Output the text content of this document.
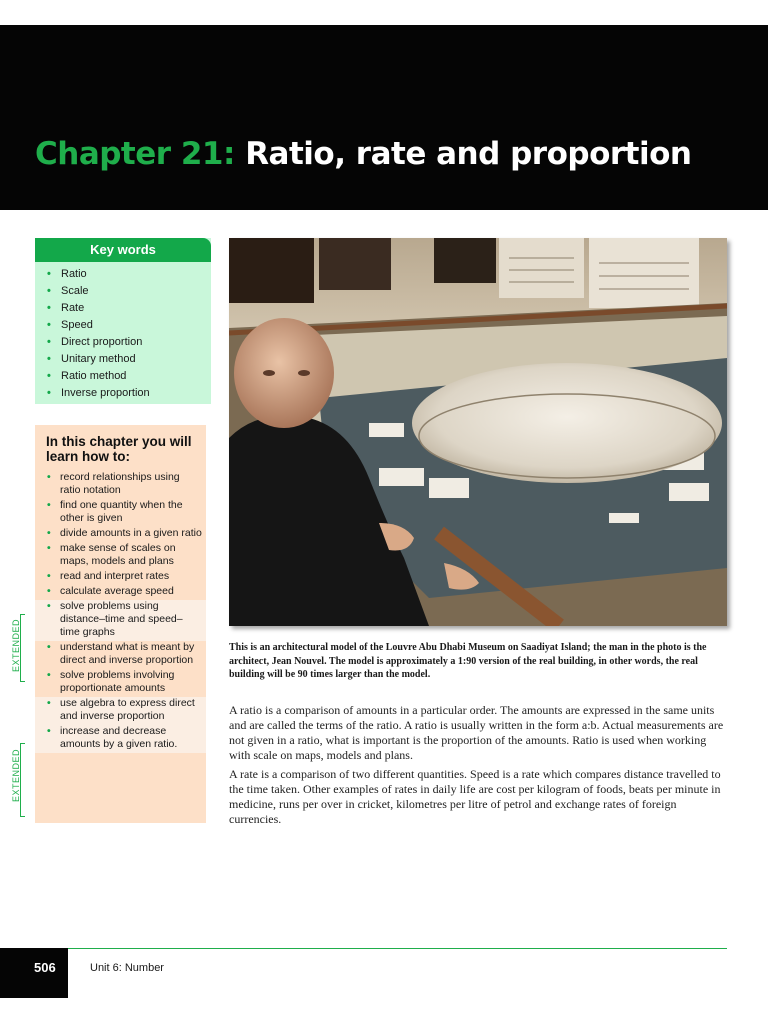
Chapter 21: Ratio, rate and proportion
Key words
• Ratio
• Scale
• Rate
• Speed
• Direct proportion
• Unitary method
• Ratio method
• Inverse proportion
In this chapter you will learn how to:
• record relationships using ratio notation
• find one quantity when the other is given
• divide amounts in a given ratio
• make sense of scales on maps, models and plans
• read and interpret rates
• calculate average speed
• solve problems using distance–time and speed–time graphs
• understand what is meant by direct and inverse proportion
• solve problems involving proportionate amounts
• use algebra to express direct and inverse proportion
• increase and decrease amounts by a given ratio.
EXTENDED
EXTENDED

This is an architectural model of the Louvre Abu Dhabi Museum on Saadiyat Island; the man in the photo is the architect, Jean Nouvel. The model is approximately a 1:90 version of the real building, in other words, the real building will be 90 times larger than the model.

A ratio is a comparison of amounts in a particular order. The amounts are expressed in the same units and are called the terms of the ratio. A ratio is usually written in the form a:b. Actual measurements are not given in a ratio, what is important is the proportion of the amounts. Ratio is used when working with scale on maps, models and plans.

A rate is a comparison of two different quantities. Speed is a rate which compares distance travelled to the time taken. Other examples of rates in daily life are cost per kilogram of foods, beats per minute in medicine, runs per over in cricket, kilometres per litre of petrol and exchange rates of foreign currencies.

506	Unit 6: Number
